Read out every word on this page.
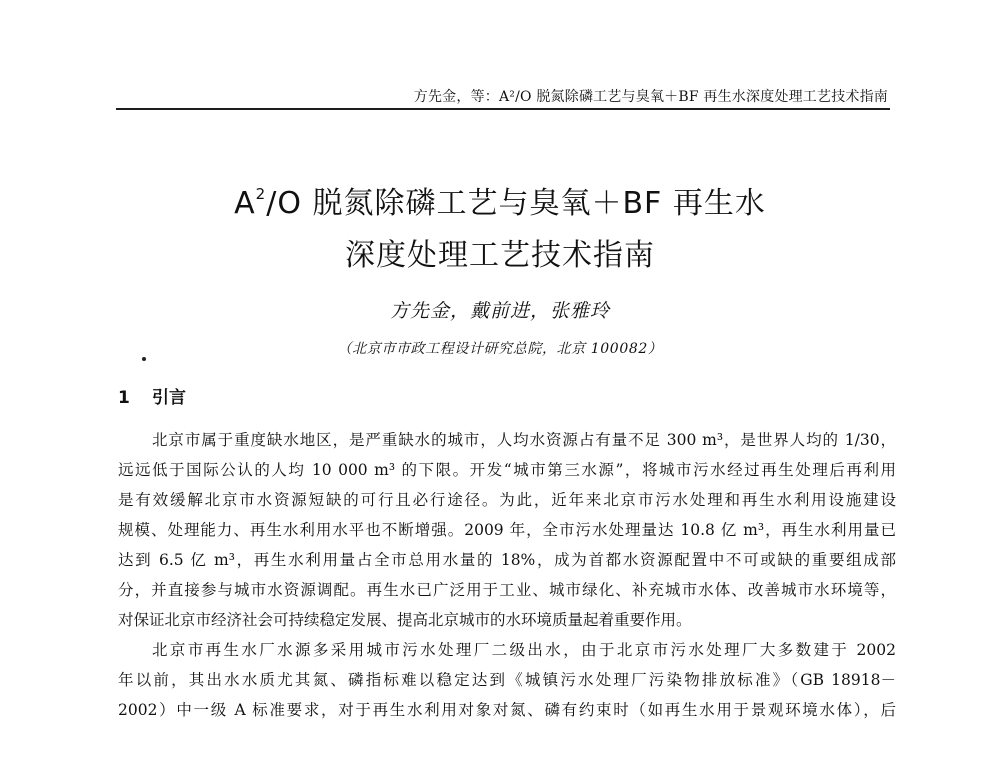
方先金，等：A²/O 脱氮除磷工艺与臭氧＋BF 再生水深度处理工艺技术指南
$A^2/O$ 脱氮除磷工艺与臭氧＋BF 再生水
深度处理工艺技术指南
方先金，戴前进，张雅玲
（北京市市政工程设计研究总院，北京 100082）
1 引言
北京市属于重度缺水地区，是严重缺水的城市，人均水资源占有量不足 300 m³，是世界人均的 1/30，
远远低于国际公认的人均 10 000 m³ 的下限。开发“城市第三水源”，将城市污水经过再生处理后再利用
是有效缓解北京市水资源短缺的可行且必行途径。为此，近年来北京市污水处理和再生水利用设施建设
规模、处理能力、再生水利用水平也不断增强。2009 年，全市污水处理量达 10.8 亿 m³，再生水利用量已
达到 6.5 亿 m³，再生水利用量占全市总用水量的 18%，成为首都水资源配置中不可或缺的重要组成部
分，并直接参与城市水资源调配。再生水已广泛用于工业、城市绿化、补充城市水体、改善城市水环境等，
对保证北京市经济社会可持续稳定发展、提高北京城市的水环境质量起着重要作用。
北京市再生水厂水源多采用城市污水处理厂二级出水，由于北京市污水处理厂大多数建于 2002
年以前，其出水水质尤其氮、磷指标难以稳定达到《城镇污水处理厂污染物排放标准》（GB 18918－
2002）中一级 A 标准要求，对于再生水利用对象对氮、磷有约束时（如再生水用于景观环境水体），后
